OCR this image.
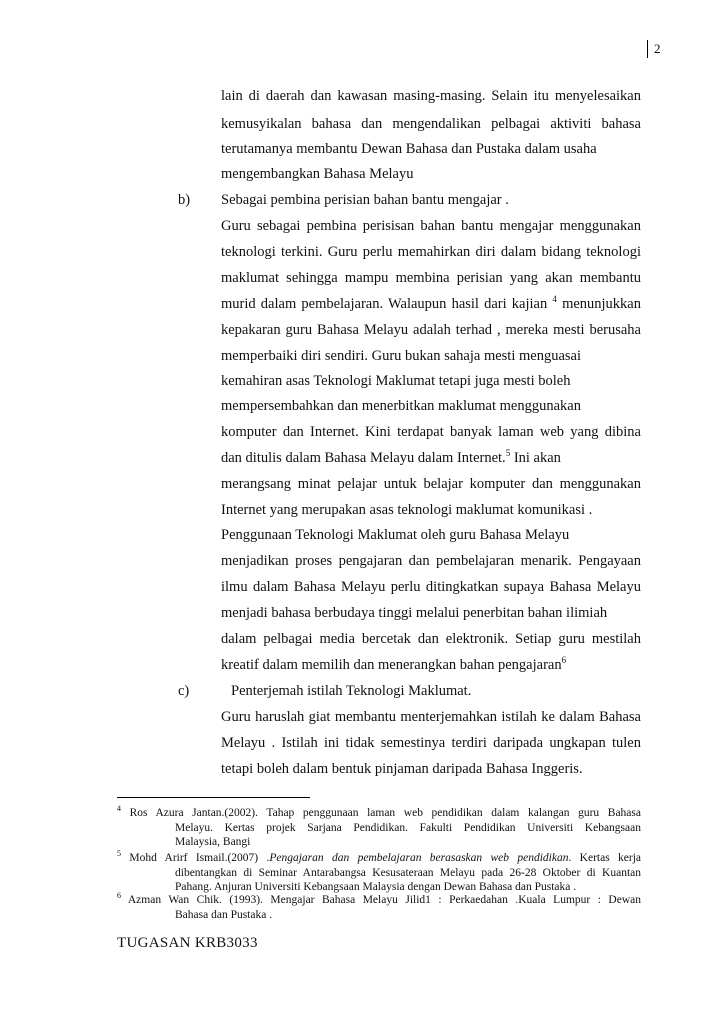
2
lain di daerah dan kawasan masing-masing. Selain itu menyelesaikan
kemusyikalan bahasa dan mengendalikan pelbagai aktiviti bahasa
terutamanya membantu Dewan Bahasa dan Pustaka dalam usaha
mengembangkan Bahasa Melayu
b) Sebagai pembina perisian bahan bantu mengajar .
Guru sebagai pembina perisisan bahan bantu mengajar menggunakan
teknologi terkini. Guru perlu memahirkan diri dalam bidang teknologi
maklumat sehingga mampu membina perisian yang akan membantu
murid dalam pembelajaran. Walaupun hasil dari kajian $^4$ menunjukkan
kepakaran guru Bahasa Melayu adalah terhad , mereka mesti berusaha
memperbaiki diri sendiri. Guru bukan sahaja mesti menguasai
kemahiran asas Teknologi Maklumat tetapi juga mesti boleh
mempersembahkan dan menerbitkan maklumat menggunakan
komputer dan Internet. Kini terdapat banyak laman web yang dibina
dan ditulis dalam Bahasa Melayu dalam Internet.$^5$ Ini akan
merangsang minat pelajar untuk belajar komputer dan menggunakan
Internet yang merupakan asas teknologi maklumat komunikasi .
Penggunaan Teknologi Maklumat oleh guru Bahasa Melayu
menjadikan proses pengajaran dan pembelajaran menarik. Pengayaan
ilmu dalam Bahasa Melayu perlu ditingkatkan supaya Bahasa Melayu
menjadi bahasa berbudaya tinggi melalui penerbitan bahan ilimiah
dalam pelbagai media bercetak dan elektronik. Setiap guru mestilah
kreatif dalam memilih dan menerangkan bahan pengajaran$^6$
c)	Penterjemah istilah Teknologi Maklumat.
Guru haruslah giat membantu menterjemahkan istilah ke dalam Bahasa
Melayu . Istilah ini tidak semestinya terdiri daripada ungkapan tulen
tetapi boleh dalam bentuk pinjaman daripada Bahasa Inggeris.
$^4$ Ros Azura Jantan.(2002). Tahap penggunaan laman web pendidikan dalam kalangan guru Bahasa
Melayu. Kertas projek Sarjana Pendidikan. Fakulti Pendidikan Universiti Kebangsaan
Malaysia, Bangi
$^5$ Mohd Arirf Ismail.(2007) .Pengajaran dan pembelajaran berasaskan web pendidikan. Kertas kerja
dibentangkan di Seminar Antarabangsa Kesusateraan Melayu pada 26-28 Oktober di Kuantan
Pahang. Anjuran Universiti Kebangsaan Malaysia dengan Dewan Bahasa dan Pustaka .
$^6$ Azman Wan Chik. (1993). Mengajar Bahasa Melayu Jilid1 : Perkaedahan .Kuala Lumpur : Dewan
Bahasa dan Pustaka .
TUGASAN KRB3033
